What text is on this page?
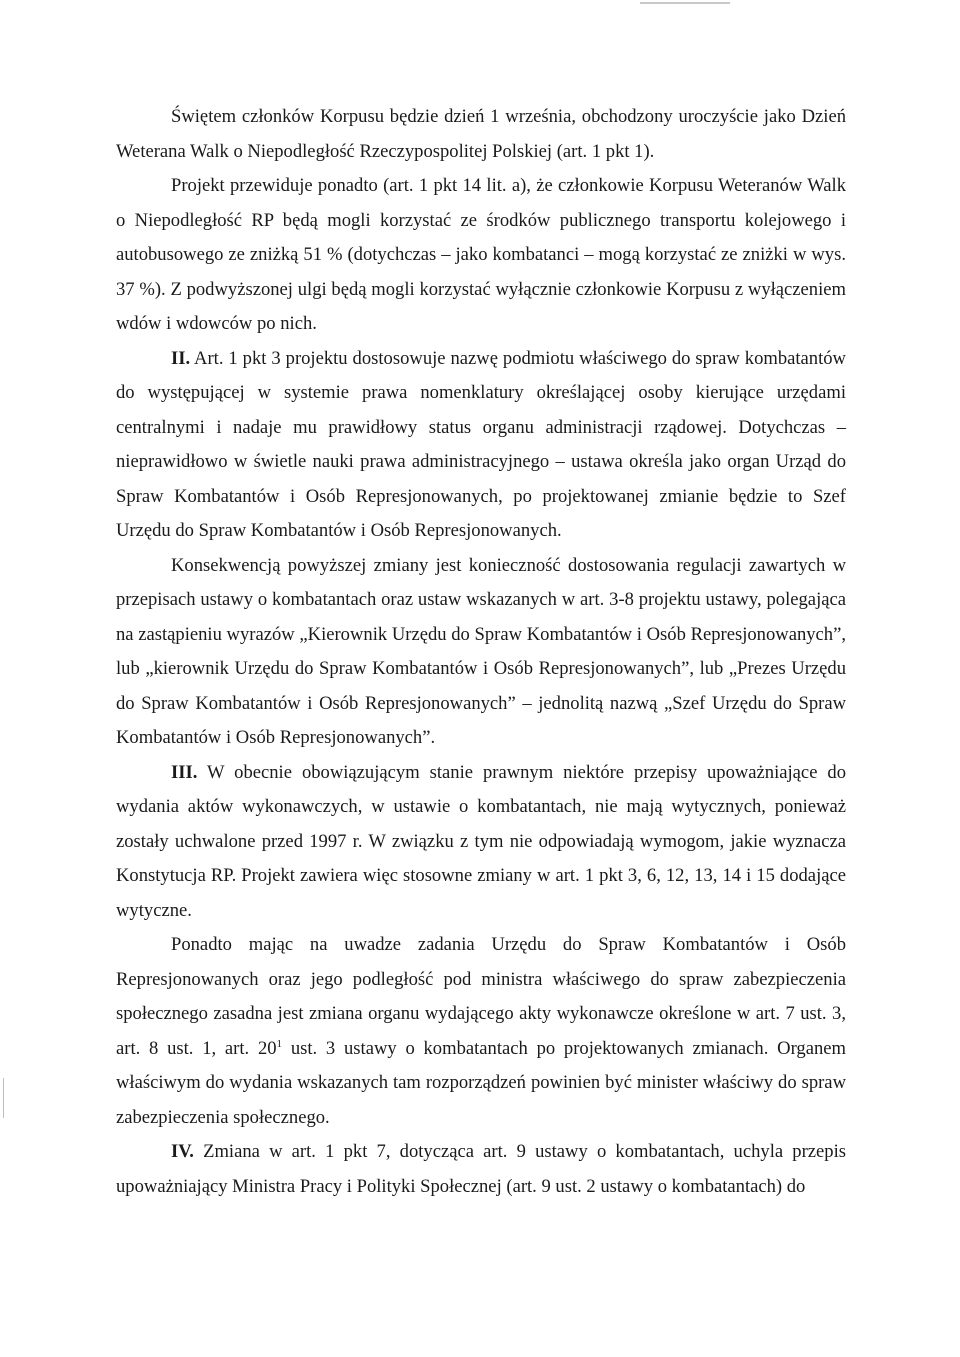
Świętem członków Korpusu będzie dzień 1 września, obchodzony uroczyście jako Dzień Weterana Walk o Niepodległość Rzeczypospolitej Polskiej (art. 1 pkt 1).

Projekt przewiduje ponadto (art. 1 pkt 14 lit. a), że członkowie Korpusu Weteranów Walk o Niepodległość RP będą mogli korzystać ze środków publicznego transportu kolejowego i autobusowego ze zniżką 51 % (dotychczas – jako kombatanci – mogą korzystać ze zniżki w wys. 37 %). Z podwyższonej ulgi będą mogli korzystać wyłącznie członkowie Korpusu z wyłączeniem wdów i wdowców po nich.

II. Art. 1 pkt 3 projektu dostosowuje nazwę podmiotu właściwego do spraw kombatantów do występującej w systemie prawa nomenklatury określającej osoby kierujące urzędami centralnymi i nadaje mu prawidłowy status organu administracji rządowej. Dotychczas – nieprawidłowo w świetle nauki prawa administracyjnego – ustawa określa jako organ Urząd do Spraw Kombatantów i Osób Represjonowanych, po projektowanej zmianie będzie to Szef Urzędu do Spraw Kombatantów i Osób Represjonowanych.

Konsekwencją powyższej zmiany jest konieczność dostosowania regulacji zawartych w przepisach ustawy o kombatantach oraz ustaw wskazanych w art. 3-8 projektu ustawy, polegająca na zastąpieniu wyrazów „Kierownik Urzędu do Spraw Kombatantów i Osób Represjonowanych”, lub „kierownik Urzędu do Spraw Kombatantów i Osób Represjonowanych”, lub „Prezes Urzędu do Spraw Kombatantów i Osób Represjonowanych” – jednolitą nazwą „Szef Urzędu do Spraw Kombatantów i Osób Represjonowanych”.

III. W obecnie obowiązującym stanie prawnym niektóre przepisy upoważniające do wydania aktów wykonawczych, w ustawie o kombatantach, nie mają wytycznych, ponieważ zostały uchwalone przed 1997 r. W związku z tym nie odpowiadają wymogom, jakie wyznacza Konstytucja RP. Projekt zawiera więc stosowne zmiany w art. 1 pkt 3, 6, 12, 13, 14 i 15 dodające wytyczne.

Ponadto mając na uwadze zadania Urzędu do Spraw Kombatantów i Osób Represjonowanych oraz jego podległość pod ministra właściwego do spraw zabezpieczenia społecznego zasadna jest zmiana organu wydającego akty wykonawcze określone w art. 7 ust. 3, art. 8 ust. 1, art. $20^1$ ust. 3 ustawy o kombatantach po projektowanych zmianach. Organem właściwym do wydania wskazanych tam rozporządzeń powinien być minister właściwy do spraw zabezpieczenia społecznego.

IV. Zmiana w art. 1 pkt 7, dotycząca art. 9 ustawy o kombatantach, uchyla przepis upoważniający Ministra Pracy i Polityki Społecznej (art. 9 ust. 2 ustawy o kombatantach) do
